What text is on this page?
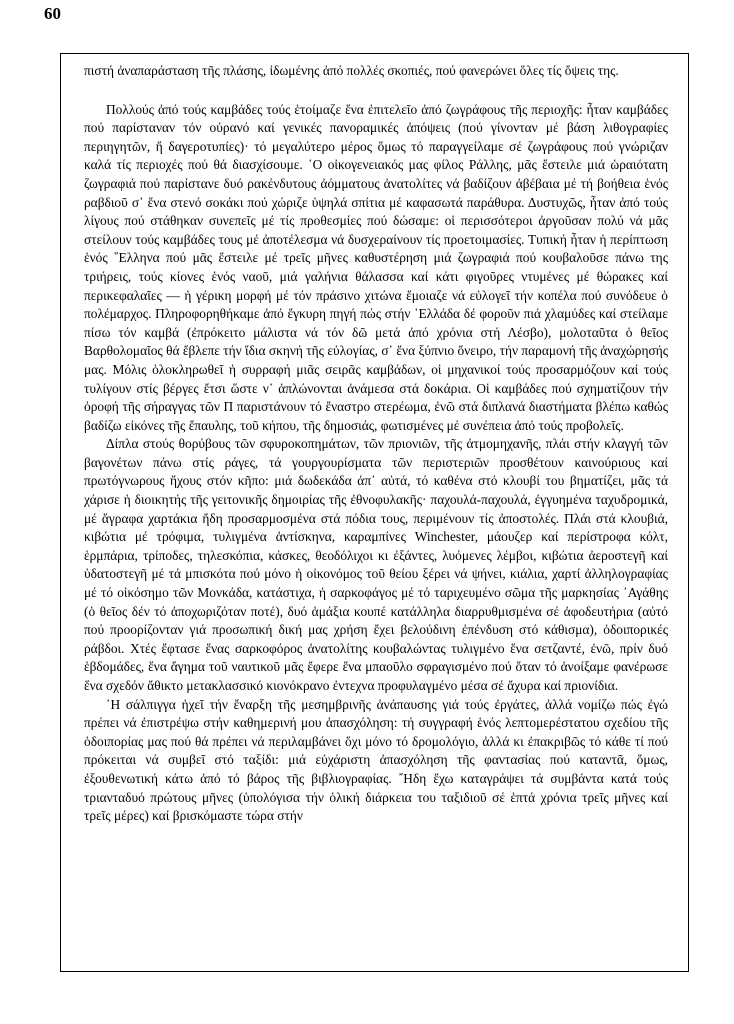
60

πιστή ἀναπαράσταση τῆς πλάσης, ἰδωμένης ἀπό πολλές σκοπιές, πού φανερώνει ὅλες τίς ὄψεις της.

Πολλούς ἀπό τούς καμβάδες τούς ἑτοίμαζε ἕνα ἐπιτελεῖο ἀπό ζωγράφους τῆς περιοχῆς: ἦταν καμβάδες πού παρίσταναν τόν οὐρανό καί γενικές πανοραμικές ἀπόψεις (πού γίνονταν μέ βάση λιθογραφίες περιηγητῶν, ἤ δαγεροτυπίες)· τό μεγαλύτερο μέρος ὅμως τό παραγγείλαμε σέ ζωγράφους πού γνώριζαν καλά τίς περιοχές πού θά διασχίσουμε. ῾Ο οἰκογενειακός μας φίλος Ράλλης, μᾶς ἔστειλε μιά ὡραιότατη ζωγραφιά πού παρίστανε δυό ρακένδυτους ἀόμματους ἀνατολίτες νά βαδίζουν ἀβέβαια μέ τή βοήθεια ἑνός ραβδιοῦ σ᾽ ἕνα στενό σοκάκι πού χώριζε ὑψηλά σπίτια μέ καφασωτά παράθυρα. Δυστυχῶς, ἦταν ἀπό τούς λίγους πού στάθηκαν συνεπεῖς μέ τίς προθεσμίες πού δώσαμε: οἱ περισσότεροι ἀργοῦσαν πολύ νά μᾶς στείλουν τούς καμβάδες τους μέ ἀποτέλεσμα νά δυσχεραίνουν τίς προετοιμασίες. Τυπική ἦταν ἡ περίπτωση ἑνός ῞Ελληνα πού μᾶς ἔστειλε μέ τρεῖς μῆνες καθυστέρηση μιά ζωγραφιά πού κουβαλοῦσε πάνω της τριήρεις, τούς κίονες ἑνός ναοῦ, μιά γαλήνια θάλασσα καί κάτι φιγοῦρες ντυμένες μέ θώρακες καί περικεφαλαῖες — ἡ γέρικη μορφή μέ τόν πράσινο χιτώνα ἔμοιαζε νά εὐλογεῖ τήν κοπέλα πού συνόδευε ὁ πολέμαρχος. Πληροφορηθήκαμε ἀπό ἔγκυρη πηγή πώς στήν ῾Ελλάδα δέ φοροῦν πιά χλαμύδες καί στείλαμε πίσω τόν καμβά (ἐπρόκειτο μάλιστα νά τόν δῶ μετά ἀπό χρόνια στή Λέσβο), μολοταῦτα ὁ θεῖος Βαρθολομαῖος θά ἔβλεπε τήν ἴδια σκηνή τῆς εὐλογίας, σ᾽ ἕνα ξύπνιο ὄνειρο, τήν παραμονή τῆς ἀναχώρησής μας. Μόλις ὁλοκληρωθεῖ ἡ συρραφή μιᾶς σειρᾶς καμβάδων, οἱ μηχανικοί τούς προσαρμόζουν καί τούς τυλίγουν στίς βέργες ἔτσι ὥστε ν᾽ ἁπλώνονται ἀνάμεσα στά δοκάρια. Οἱ καμβάδες πού σχηματίζουν τήν ὀροφή τῆς σήραγγας τῶν Π παριστάνουν τό ἔναστρο στερέωμα, ἐνῶ στά διπλανά διαστήματα βλέπω καθώς βαδίζω εἰκόνες τῆς ἔπαυλης, τοῦ κήπου, τῆς δημοσιάς, φωτισμένες μέ συνέπεια ἀπό τούς προβολεῖς.

Δίπλα στούς θορύβους τῶν σφυροκοπημάτων, τῶν πριονιῶν, τῆς ἀτμομηχανῆς, πλάι στήν κλαγγή τῶν βαγονέτων πάνω στίς ράγες, τά γουργουρίσματα τῶν περιστεριῶν προσθέτουν καινούριους καί πρωτόγνωρους ἤχους στόν κῆπο: μιά δωδεκάδα ἀπ᾽ αὐτά, τό καθένα στό κλουβί του βηματίζει, μᾶς τά χάρισε ἡ διοικητής τῆς γειτονικῆς δημοιρίας τῆς ἐθνοφυλακῆς· παχουλά-παχουλά, ἐγγυημένα ταχυδρομικά, μέ ἄγραφα χαρτάκια ἤδη προσαρμοσμένα στά πόδια τους, περιμένουν τίς ἀποστολές. Πλάι στά κλουβιά, κιβώτια μέ τρόφιμα, τυλιγμένα ἀντίσκηνα, καραμπίνες Winchester, μάουζερ καί περίστροφα κόλτ, ἑρμπάρια, τρίποδες, τηλεσκόπια, κάσκες, θεοδόλιχοι κι ἐξάντες, λυόμενες λέμβοι, κιβώτια ἀεροστεγῆ καί ὑδατοστεγῆ μέ τά μπισκότα πού μόνο ἡ οἰκονόμος τοῦ θείου ξέρει νά ψήνει, κιάλια, χαρτί ἀλληλογραφίας μέ τό οἰκόσημο τῶν Μονκάδα, κατάστιχα, ἡ σαρκοφάγος μέ τό ταριχευμένο σῶμα τῆς μαρκησίας ᾽Αγάθης (ὁ θεῖος δέν τό ἀποχωριζόταν ποτέ), δυό ἁμάξια κουπέ κατάλληλα διαρρυθμισμένα σέ ἀφοδευτήρια (αὐτό πού προορίζονταν γιά προσωπική δική μας χρήση ἔχει βελούδινη ἐπένδυση στό κάθισμα), ὁδοιπορικές ράβδοι. Χτές ἔφτασε ἕνας σαρκοφόρος ἀνατολίτης κουβαλώντας τυλιγμένο ἕνα σετζαντέ, ἐνῶ, πρίν δυό ἑβδομάδες, ἕνα ἄγημα τοῦ ναυτικοῦ μᾶς ἔφερε ἕνα μπαοῦλο σφραγισμένο πού ὅταν τό ἀνοίξαμε φανέρωσε ἕνα σχεδόν ἄθικτο μετακλασσικό κιονόκρανο ἐντεχνα προφυλαγμένο μέσα σέ ἄχυρα καί πριονίδια.

῾Η σάλπιγγα ἠχεῖ τήν ἔναρξη τῆς μεσημβρινῆς ἀνάπαυσης γιά τούς ἐργάτες, ἀλλά νομίζω πώς ἐγώ πρέπει νά ἐπιστρέψω στήν καθημερινή μου ἀπασχόληση: τή συγγραφή ἑνός λεπτομερέστατου σχεδίου τῆς ὁδοιπορίας μας πού θά πρέπει νά περιλαμβάνει ὄχι μόνο τό δρομολόγιο, ἀλλά κι ἐπακριβῶς τό κάθε τί πού πρόκειται νά συμβεῖ στό ταξίδι: μιά εὐχάριστη ἀπασχόληση τῆς φαντασίας πού καταντᾶ, ὅμως, ἐξουθενωτική κάτω ἀπό τό βάρος τῆς βιβλιογραφίας. ῎Ηδη ἔχω καταγράψει τά συμβάντα κατά τούς τριανταδυό πρώτους μῆνες (ὑπολόγισα τήν ὁλική διάρκεια του ταξιδιοῦ σέ ἑπτά χρόνια τρεῖς μῆνες καί τρεῖς μέρες) καί βρισκόμαστε τώρα στήν
